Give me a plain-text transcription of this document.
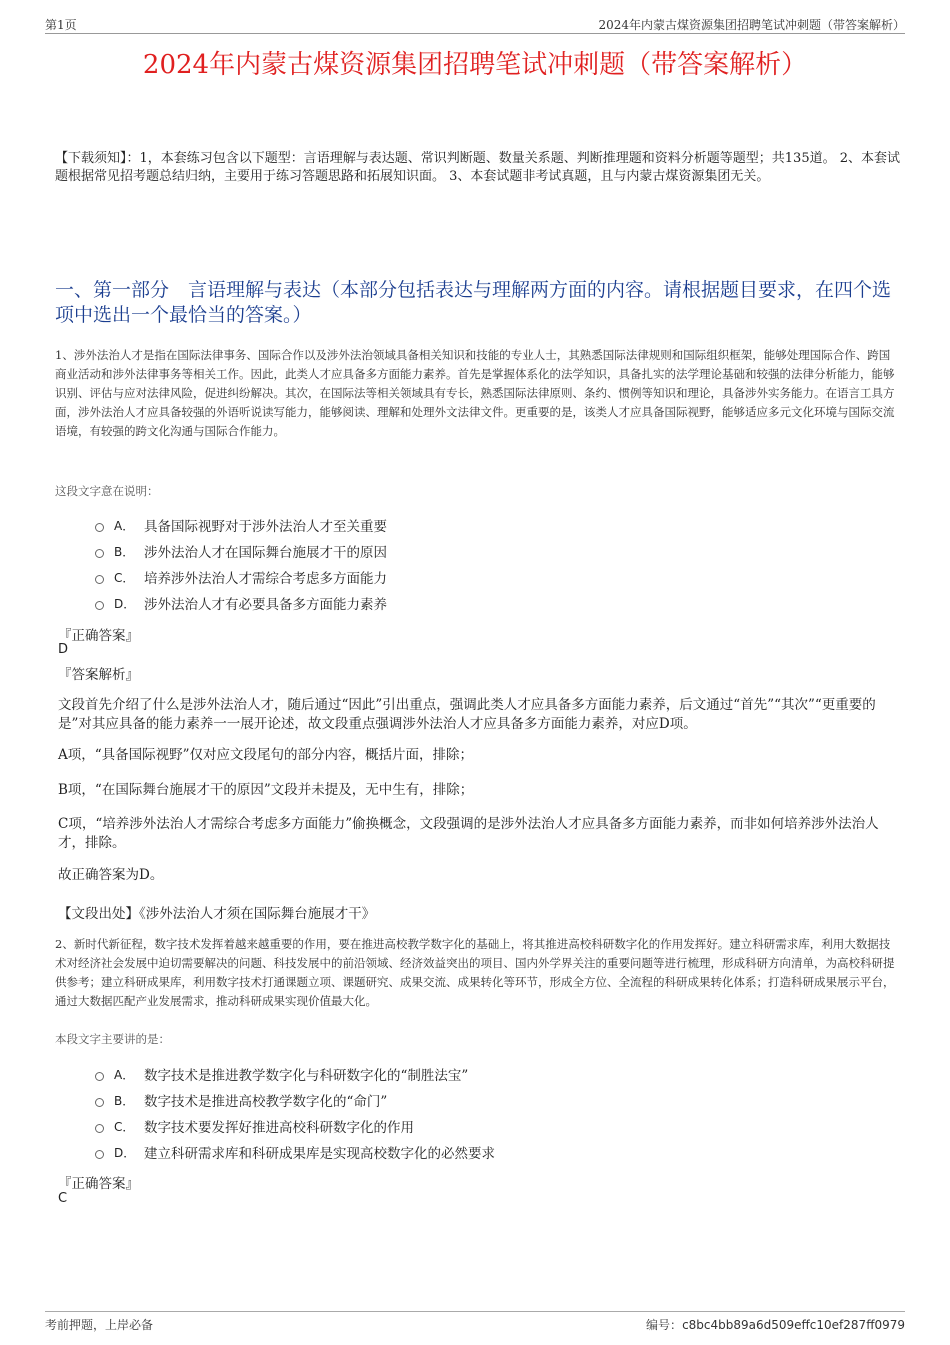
第1页	2024年内蒙古煤资源集团招聘笔试冲刺题（带答案解析）
2024年内蒙古煤资源集团招聘笔试冲刺题（带答案解析）
【下载须知】：1，本套练习包含以下题型：言语理解与表达题、常识判断题、数量关系题、判断推理题和资料分析题等题型；共135道。 2、本套试题根据常见招考题总结归纳，主要用于练习答题思路和拓展知识面。 3、本套试题非考试真题，且与内蒙古煤资源集团无关。
一、第一部分　言语理解与表达（本部分包括表达与理解两方面的内容。请根据题目要求，在四个选项中选出一个最恰当的答案。）
1、涉外法治人才是指在国际法律事务、国际合作以及涉外法治领域具备相关知识和技能的专业人士，其熟悉国际法律规则和国际组织框架，能够处理国际合作、跨国商业活动和涉外法律事务等相关工作。因此，此类人才应具备多方面能力素养。首先是掌握体系化的法学知识，具备扎实的法学理论基础和较强的法律分析能力，能够识别、评估与应对法律风险，促进纠纷解决。其次，在国际法等相关领域具有专长，熟悉国际法律原则、条约、惯例等知识和理论，具备涉外实务能力。在语言工具方面，涉外法治人才应具备较强的外语听说读写能力，能够阅读、理解和处理外文法律文件。更重要的是，该类人才应具备国际视野，能够适应多元文化环境与国际交流语境，有较强的跨文化沟通与国际合作能力。
这段文字意在说明：
A． 具备国际视野对于涉外法治人才至关重要
B． 涉外法治人才在国际舞台施展才干的原因
C． 培养涉外法治人才需综合考虑多方面能力
D． 涉外法治人才有必要具备多方面能力素养
『正确答案』
D
『答案解析』
文段首先介绍了什么是涉外法治人才，随后通过“因此”引出重点，强调此类人才应具备多方面能力素养，后文通过“首先”“其次”“更重要的是”对其应具备的能力素养一一展开论述，故文段重点强调涉外法治人才应具备多方面能力素养，对应D项。
A项，“具备国际视野”仅对应文段尾句的部分内容，概括片面，排除；
B项，“在国际舞台施展才干的原因”文段并未提及，无中生有，排除；
C项，“培养涉外法治人才需综合考虑多方面能力”偷换概念，文段强调的是涉外法治人才应具备多方面能力素养，而非如何培养涉外法治人才，排除。
故正确答案为D。
【文段出处】《涉外法治人才须在国际舞台施展才干》
2、新时代新征程，数字技术发挥着越来越重要的作用，要在推进高校教学数字化的基础上，将其推进高校科研数字化的作用发挥好。建立科研需求库，利用大数据技术对经济社会发展中迫切需要解决的问题、科技发展中的前沿领域、经济效益突出的项目、国内外学界关注的重要问题等进行梳理，形成科研方向清单，为高校科研提供参考；建立科研成果库，利用数字技术打通课题立项、课题研究、成果交流、成果转化等环节，形成全方位、全流程的科研成果转化体系；打造科研成果展示平台，通过大数据匹配产业发展需求，推动科研成果实现价值最大化。
本段文字主要讲的是：
A． 数字技术是推进教学数字化与科研数字化的“制胜法宝”
B． 数字技术是推进高校教学数字化的“命门”
C． 数字技术要发挥好推进高校科研数字化的作用
D． 建立科研需求库和科研成果库是实现高校数字化的必然要求
『正确答案』
C
考前押题，上岸必备	编号：c8bc4bb89a6d509effc10ef287ff0979
